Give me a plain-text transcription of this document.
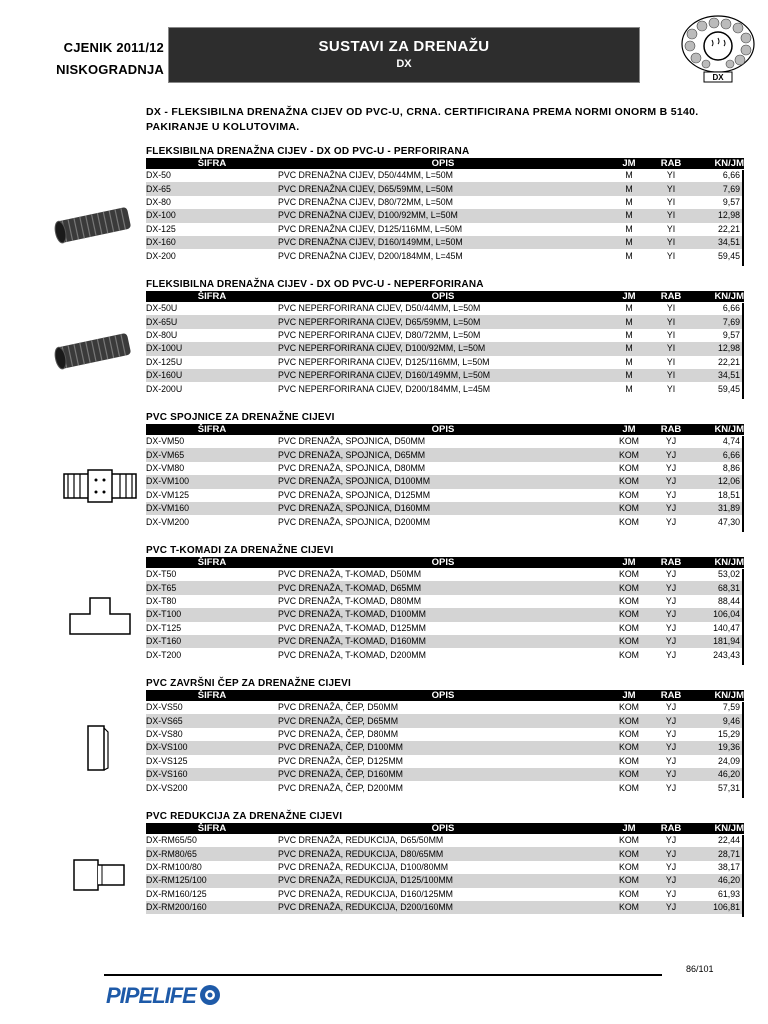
CJENIK 2011/12
NISKOGRADNJA
SUSTAVI ZA DRENAŽU
DX
DX
DX - FLEKSIBILNA DRENAŽNA CIJEV OD PVC-U, CRNA. CERTIFICIRANA PREMA NORMI ONORM B 5140. PAKIRANJE U KOLUTOVIMA.
FLEKSIBILNA DRENAŽNA CIJEV - DX OD PVC-U - PERFORIRANA
ŠIFRA	OPIS	JM	RAB	KN/JM
DX-50	PVC DRENAŽNA CIJEV, D50/44MM, L=50M	M	YI	6,66
DX-65	PVC DRENAŽNA CIJEV, D65/59MM, L=50M	M	YI	7,69
DX-80	PVC DRENAŽNA CIJEV, D80/72MM, L=50M	M	YI	9,57
DX-100	PVC DRENAŽNA CIJEV, D100/92MM, L=50M	M	YI	12,98
DX-125	PVC DRENAŽNA CIJEV, D125/116MM, L=50M	M	YI	22,21
DX-160	PVC DRENAŽNA CIJEV, D160/149MM, L=50M	M	YI	34,51
DX-200	PVC DRENAŽNA CIJEV, D200/184MM, L=45M	M	YI	59,45
FLEKSIBILNA DRENAŽNA CIJEV - DX OD PVC-U - NEPERFORIRANA
ŠIFRA	OPIS	JM	RAB	KN/JM
DX-50U	PVC NEPERFORIRANA CIJEV, D50/44MM, L=50M	M	YI	6,66
DX-65U	PVC NEPERFORIRANA CIJEV, D65/59MM, L=50M	M	YI	7,69
DX-80U	PVC NEPERFORIRANA CIJEV, D80/72MM, L=50M	M	YI	9,57
DX-100U	PVC NEPERFORIRANA CIJEV, D100/92MM, L=50M	M	YI	12,98
DX-125U	PVC NEPERFORIRANA CIJEV, D125/116MM, L=50M	M	YI	22,21
DX-160U	PVC NEPERFORIRANA CIJEV, D160/149MM, L=50M	M	YI	34,51
DX-200U	PVC NEPERFORIRANA CIJEV, D200/184MM, L=45M	M	YI	59,45
PVC SPOJNICE ZA DRENAŽNE CIJEVI
ŠIFRA	OPIS	JM	RAB	KN/JM
DX-VM50	PVC DRENAŽA, SPOJNICA, D50MM	KOM	YJ	4,74
DX-VM65	PVC DRENAŽA, SPOJNICA, D65MM	KOM	YJ	6,66
DX-VM80	PVC DRENAŽA, SPOJNICA, D80MM	KOM	YJ	8,86
DX-VM100	PVC DRENAŽA, SPOJNICA, D100MM	KOM	YJ	12,06
DX-VM125	PVC DRENAŽA, SPOJNICA, D125MM	KOM	YJ	18,51
DX-VM160	PVC DRENAŽA, SPOJNICA, D160MM	KOM	YJ	31,89
DX-VM200	PVC DRENAŽA, SPOJNICA, D200MM	KOM	YJ	47,30
PVC T-KOMADI ZA DRENAŽNE CIJEVI
ŠIFRA	OPIS	JM	RAB	KN/JM
DX-T50	PVC DRENAŽA, T-KOMAD, D50MM	KOM	YJ	53,02
DX-T65	PVC DRENAŽA, T-KOMAD, D65MM	KOM	YJ	68,31
DX-T80	PVC DRENAŽA, T-KOMAD, D80MM	KOM	YJ	88,44
DX-T100	PVC DRENAŽA, T-KOMAD, D100MM	KOM	YJ	106,04
DX-T125	PVC DRENAŽA, T-KOMAD, D125MM	KOM	YJ	140,47
DX-T160	PVC DRENAŽA, T-KOMAD, D160MM	KOM	YJ	181,94
DX-T200	PVC DRENAŽA, T-KOMAD, D200MM	KOM	YJ	243,43
PVC ZAVRŠNI ČEP ZA DRENAŽNE CIJEVI
ŠIFRA	OPIS	JM	RAB	KN/JM
DX-VS50	PVC DRENAŽA, ČEP, D50MM	KOM	YJ	7,59
DX-VS65	PVC DRENAŽA, ČEP, D65MM	KOM	YJ	9,46
DX-VS80	PVC DRENAŽA, ČEP, D80MM	KOM	YJ	15,29
DX-VS100	PVC DRENAŽA, ČEP, D100MM	KOM	YJ	19,36
DX-VS125	PVC DRENAŽA, ČEP, D125MM	KOM	YJ	24,09
DX-VS160	PVC DRENAŽA, ČEP, D160MM	KOM	YJ	46,20
DX-VS200	PVC DRENAŽA, ČEP, D200MM	KOM	YJ	57,31
PVC REDUKCIJA ZA DRENAŽNE CIJEVI
ŠIFRA	OPIS	JM	RAB	KN/JM
DX-RM65/50	PVC DRENAŽA, REDUKCIJA, D65/50MM	KOM	YJ	22,44
DX-RM80/65	PVC DRENAŽA, REDUKCIJA, D80/65MM	KOM	YJ	28,71
DX-RM100/80	PVC DRENAŽA, REDUKCIJA, D100/80MM	KOM	YJ	38,17
DX-RM125/100	PVC DRENAŽA, REDUKCIJA, D125/100MM	KOM	YJ	46,20
DX-RM160/125	PVC DRENAŽA, REDUKCIJA, D160/125MM	KOM	YJ	61,93
DX-RM200/160	PVC DRENAŽA, REDUKCIJA, D200/160MM	KOM	YJ	106,81
86/101
PIPELIFE
